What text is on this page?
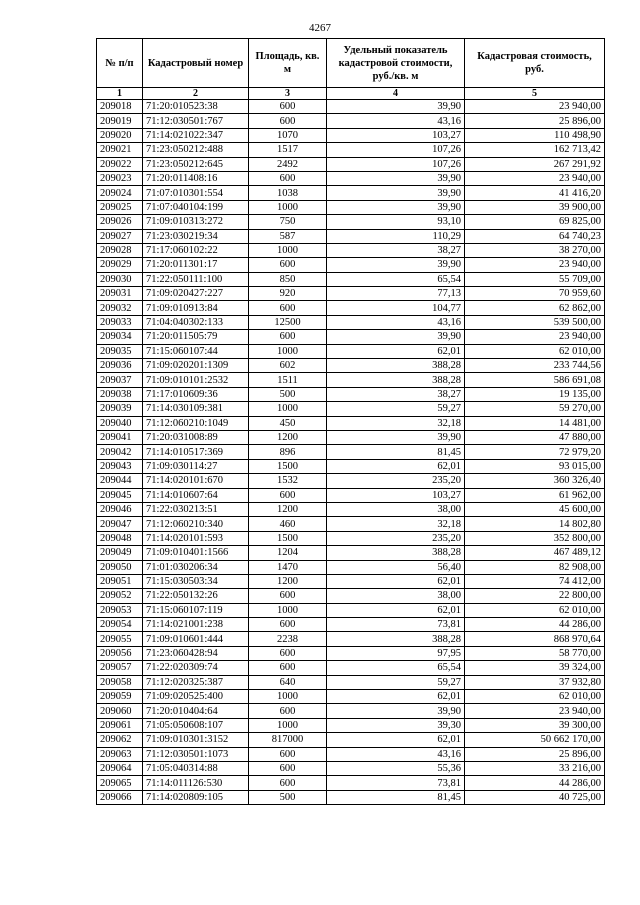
4267
№ п/п	Кадастровый номер	Площадь, кв. м	Удельный показатель кадастровой стоимости, руб./кв. м	Кадастровая стоимость, руб.
1	2	3	4	5
209018	71:20:010523:38	600	39,90	23 940,00
209019	71:12:030501:767	600	43,16	25 896,00
209020	71:14:021022:347	1070	103,27	110 498,90
209021	71:23:050212:488	1517	107,26	162 713,42
209022	71:23:050212:645	2492	107,26	267 291,92
209023	71:20:011408:16	600	39,90	23 940,00
209024	71:07:010301:554	1038	39,90	41 416,20
209025	71:07:040104:199	1000	39,90	39 900,00
209026	71:09:010313:272	750	93,10	69 825,00
209027	71:23:030219:34	587	110,29	64 740,23
209028	71:17:060102:22	1000	38,27	38 270,00
209029	71:20:011301:17	600	39,90	23 940,00
209030	71:22:050111:100	850	65,54	55 709,00
209031	71:09:020427:227	920	77,13	70 959,60
209032	71:09:010913:84	600	104,77	62 862,00
209033	71:04:040302:133	12500	43,16	539 500,00
209034	71:20:011505:79	600	39,90	23 940,00
209035	71:15:060107:44	1000	62,01	62 010,00
209036	71:09:020201:1309	602	388,28	233 744,56
209037	71:09:010101:2532	1511	388,28	586 691,08
209038	71:17:010609:36	500	38,27	19 135,00
209039	71:14:030109:381	1000	59,27	59 270,00
209040	71:12:060210:1049	450	32,18	14 481,00
209041	71:20:031008:89	1200	39,90	47 880,00
209042	71:14:010517:369	896	81,45	72 979,20
209043	71:09:030114:27	1500	62,01	93 015,00
209044	71:14:020101:670	1532	235,20	360 326,40
209045	71:14:010607:64	600	103,27	61 962,00
209046	71:22:030213:51	1200	38,00	45 600,00
209047	71:12:060210:340	460	32,18	14 802,80
209048	71:14:020101:593	1500	235,20	352 800,00
209049	71:09:010401:1566	1204	388,28	467 489,12
209050	71:01:030206:34	1470	56,40	82 908,00
209051	71:15:030503:34	1200	62,01	74 412,00
209052	71:22:050132:26	600	38,00	22 800,00
209053	71:15:060107:119	1000	62,01	62 010,00
209054	71:14:021001:238	600	73,81	44 286,00
209055	71:09:010601:444	2238	388,28	868 970,64
209056	71:23:060428:94	600	97,95	58 770,00
209057	71:22:020309:74	600	65,54	39 324,00
209058	71:12:020325:387	640	59,27	37 932,80
209059	71:09:020525:400	1000	62,01	62 010,00
209060	71:20:010404:64	600	39,90	23 940,00
209061	71:05:050608:107	1000	39,30	39 300,00
209062	71:09:010301:3152	817000	62,01	50 662 170,00
209063	71:12:030501:1073	600	43,16	25 896,00
209064	71:05:040314:88	600	55,36	33 216,00
209065	71:14:011126:530	600	73,81	44 286,00
209066	71:14:020809:105	500	81,45	40 725,00
